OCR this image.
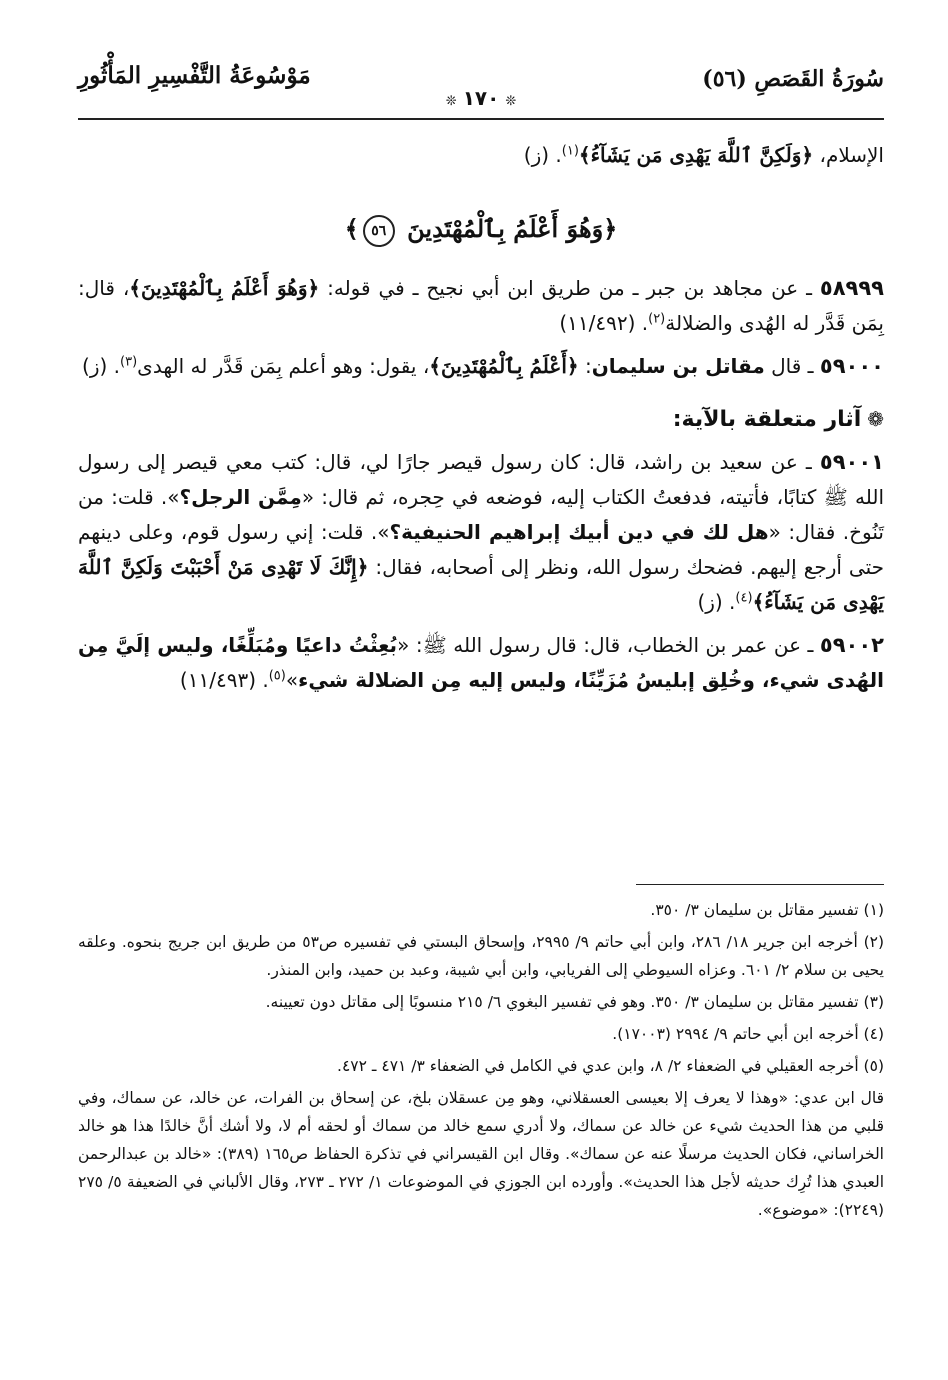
سُورَةُ القَصَصِ (٥٦)
❊١٧٠❊
مَوْسُوعَةُ التَّفْسِيرِ المَأْثُورِ

الإسلام، ﴿وَلَكِنَّ ٱللَّهَ يَهْدِى مَن يَشَآءُ﴾$^{(١)}$. (ز)

﴿وَهُوَ أَعْلَمُ بِٱلْمُهْتَدِينَ ٥٦﴾

٥٨٩٩٩ ـ عن مجاهد بن جبر ـ من طريق ابن أبي نجيح ـ في قوله: ﴿وَهُوَ أَعْلَمُ بِٱلْمُهْتَدِينَ﴾، قال: بِمَن قَدَّر له الهُدى والضلالة$^{(٢)}$. (١١/٤٩٢)

٥٩٠٠٠ ـ قال مقاتل بن سليمان: ﴿أَعْلَمُ بِٱلْمُهْتَدِينَ﴾، يقول: وهو أعلم بِمَن قَدَّر له الهدى$^{(٣)}$. (ز)

❁آثار متعلقة بالآية:

٥٩٠٠١ ـ عن سعيد بن راشد، قال: كان رسول قيصر جارًا لي، قال: كتب معي قيصر إلى رسول الله ﷺ كتابًا، فأتيته، فدفعتُ الكتاب إليه، فوضعه في حِجره، ثم قال: «مِمَّن الرجل؟». قلت: من تَنُوخ. فقال: «هل لك في دين أبيك إبراهيم الحنيفية؟». قلت: إني رسول قوم، وعلى دينهم حتى أرجع إليهم. فضحك رسول الله، ونظر إلى أصحابه، فقال: ﴿إِنَّكَ لَا تَهْدِى مَنْ أَحْبَبْتَ وَلَكِنَّ ٱللَّهَ يَهْدِى مَن يَشَآءُ﴾$^{(٤)}$. (ز)

٥٩٠٠٢ ـ عن عمر بن الخطاب، قال: قال رسول الله ﷺ: «بُعِثْتُ داعيًا ومُبَلِّغًا، وليس إلَيَّ مِن الهُدى شيء، وخُلِق إبليسُ مُزَيِّنًا، وليس إليه مِن الضلالة شيء»$^{(٥)}$. (١١/٤٩٣)

(١) تفسير مقاتل بن سليمان ٣/ ٣٥٠.

(٢) أخرجه ابن جرير ١٨/ ٢٨٦، وابن أبي حاتم ٩/ ٢٩٩٥، وإسحاق البستي في تفسيره ص٥٣ من طريق ابن جريج بنحوه. وعلقه يحيى بن سلام ٢/ ٦٠١. وعزاه السيوطي إلى الفريابي، وابن أبي شيبة، وعبد بن حميد، وابن المنذر.

(٣) تفسير مقاتل بن سليمان ٣/ ٣٥٠. وهو في تفسير البغوي ٦/ ٢١٥ منسوبًا إلى مقاتل دون تعيينه.

(٤) أخرجه ابن أبي حاتم ٩/ ٢٩٩٤ (١٧٠٠٣).

(٥) أخرجه العقيلي في الضعفاء ٢/ ٨، وابن عدي في الكامل في الضعفاء ٣/ ٤٧١ ـ ٤٧٢.

قال ابن عدي: «وهذا لا يعرف إلا بعيسى العسقلاني، وهو مِن عسقلان بلخ، عن إسحاق بن الفرات، عن خالد، عن سماك، وفي قلبي من هذا الحديث شيء عن خالد عن سماك، ولا أدري سمع خالد من سماك أو لحقه أم لا، ولا أشك أنَّ خالدًا هذا هو خالد الخراساني، فكان الحديث مرسلًا عنه عن سماك». وقال ابن القيسراني في تذكرة الحفاظ ص١٦٥ (٣٨٩): «خالد بن عبدالرحمن العبدي هذا تُرِك حديثه لأجل هذا الحديث». وأورده ابن الجوزي في الموضوعات ١/ ٢٧٢ ـ ٢٧٣، وقال الألباني في الضعيفة ٥/ ٢٧٥ (٢٢٤٩): «موضوع».
